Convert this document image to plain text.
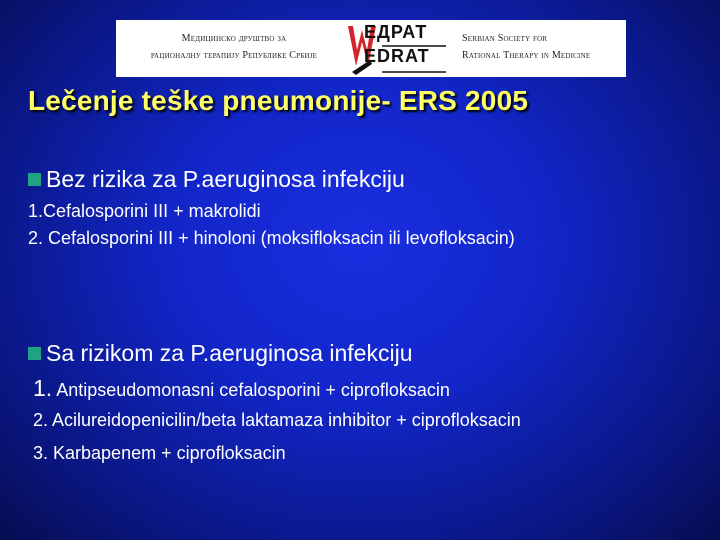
Медицинско друштво за
рационалну терапију Републике Србије
ЕДРАТ
EDRAT
Serbian Society for
Rational Therapy in Medicine
Lečenje teške pneumonije- ERS 2005
Bez rizika za P.aeruginosa infekciju
1.Cefalosporini III + makrolidi
2. Cefalosporini III + hinoloni (moksifloksacin ili levofloksacin)
Sa rizikom za P.aeruginosa infekciju
1. Antipseudomonasni cefalosporini + ciprofloksacin
2. Acilureidopenicilin/beta laktamaza inhibitor + ciprofloksacin
3. Karbapenem + ciprofloksacin
